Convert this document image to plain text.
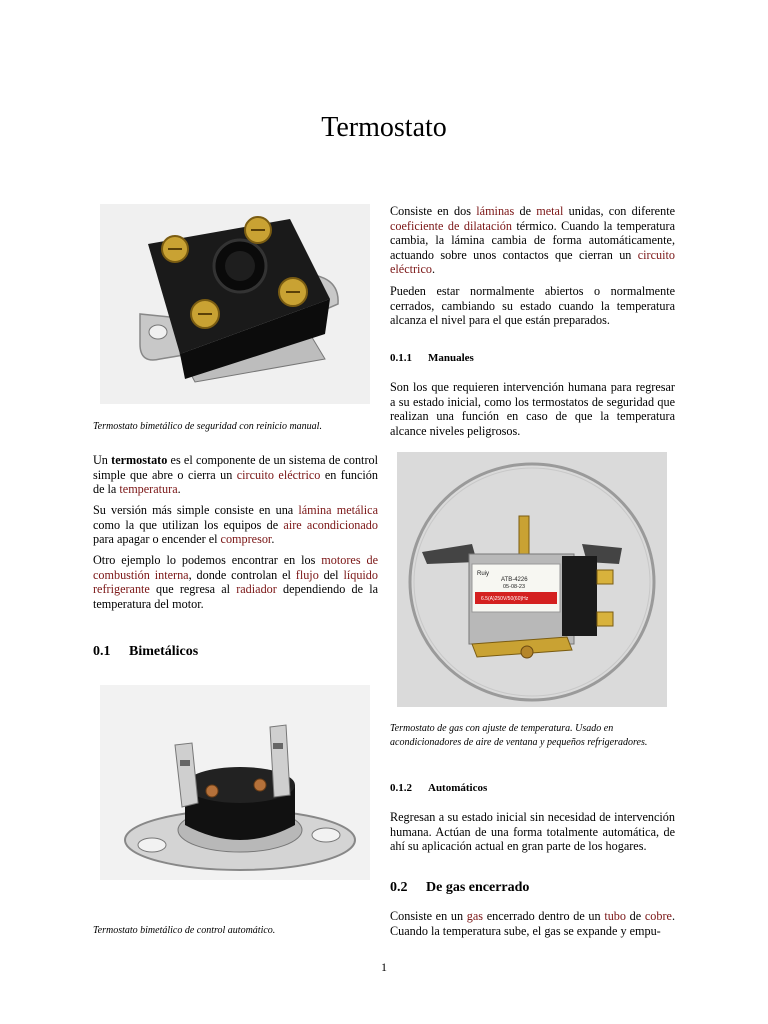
Termostato
Termostato bimetálico de seguridad con reinicio manual.

Un termostato es el componente de un sistema de control simple que abre o cierra un circuito eléctrico en función de la temperatura.

Su versión más simple consiste en una lámina metálica como la que utilizan los equipos de aire acondicionado para apagar o encender el compresor.

Otro ejemplo lo podemos encontrar en los motores de combustión interna, donde controlan el flujo del líquido refrigerante que regresa al radiador dependiendo de la temperatura del motor.

0.1 Bimetálicos
Termostato bimetálico de control automático.

Consiste en dos láminas de metal unidas, con diferente coeficiente de dilatación térmico. Cuando la temperatura cambia, la lámina cambia de forma automáticamente, actuando sobre unos contactos que cierran un circuito eléctrico.

Pueden estar normalmente abiertos o normalmente cerrados, cambiando su estado cuando la temperatura alcanza el nivel para el que están preparados.

0.1.1 Manuales

Son los que requieren intervención humana para regresar a su estado inicial, como los termostatos de seguridad que realizan una función en caso de que la temperatura alcance niveles peligrosos.

Ruiy
ATB-4226
05-08-23
6.5(A)250V/50(60)Hz
Termostato de gas con ajuste de temperatura. Usado en acondicionadores de aire de ventana y pequeños refrigeradores.
0.1.2 Automáticos

Regresan a su estado inicial sin necesidad de intervención humana. Actúan de una forma totalmente automática, de ahí su aplicación actual en gran parte de los hogares.

0.2 De gas encerrado

Consiste en un gas encerrado dentro de un tubo de cobre. Cuando la temperatura sube, el gas se expande y empu-

1
